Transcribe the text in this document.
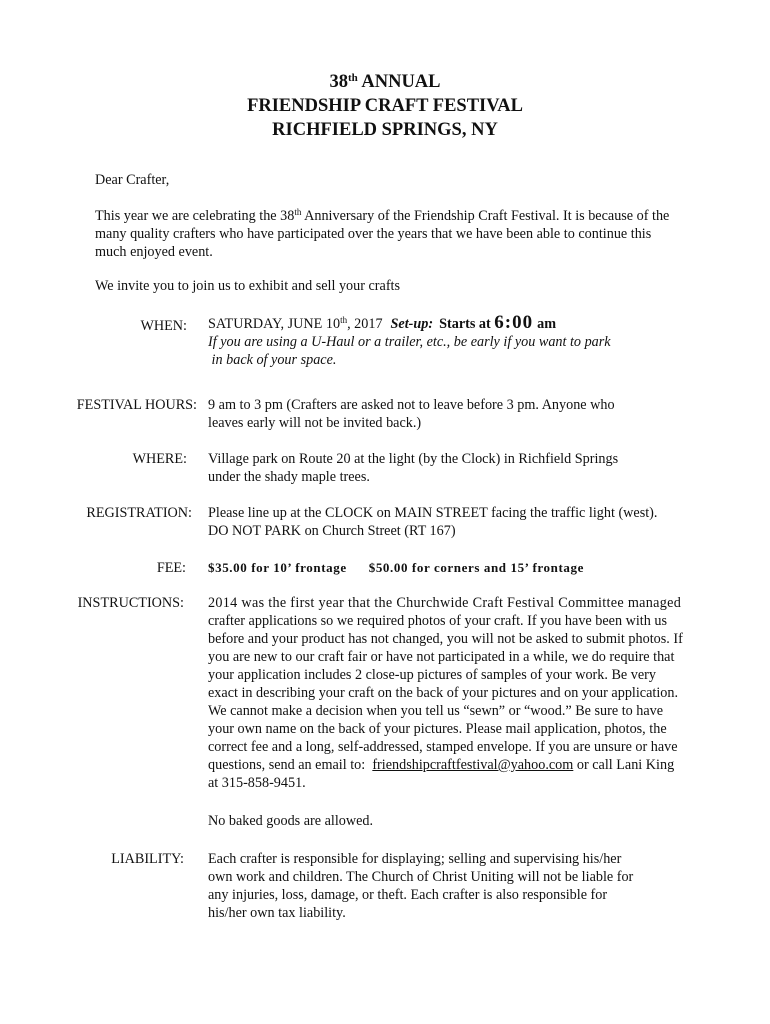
38th ANNUAL
FRIENDSHIP CRAFT FESTIVAL
RICHFIELD SPRINGS, NY
Dear Crafter,
This year we are celebrating the 38th Anniversary of the Friendship Craft Festival. It is because of the
many quality crafters who have participated over the years that we have been able to continue this
much enjoyed event.
We invite you to join us to exhibit and sell your crafts
WHEN: SATURDAY, JUNE 10th, 2017 Set-up: Starts at 6:00 am
If you are using a U-Haul or a trailer, etc., be early if you want to park
in back of your space.
FESTIVAL HOURS: 9 am to 3 pm (Crafters are asked not to leave before 3 pm. Anyone who
leaves early will not be invited back.)
WHERE: Village park on Route 20 at the light (by the Clock) in Richfield Springs
under the shady maple trees.
REGISTRATION: Please line up at the CLOCK on MAIN STREET facing the traffic light (west).
DO NOT PARK on Church Street (RT 167)
FEE: $35.00 for 10’ frontage $50.00 for corners and 15’ frontage
INSTRUCTIONS: 2014 was the first year that the Churchwide Craft Festival Committee managed
crafter applications so we required photos of your craft. If you have been with us
before and your product has not changed, you will not be asked to submit photos. If
you are new to our craft fair or have not participated in a while, we do require that
your application includes 2 close-up pictures of samples of your work. Be very
exact in describing your craft on the back of your pictures and on your application.
We cannot make a decision when you tell us “sewn” or “wood.” Be sure to have
your own name on the back of your pictures. Please mail application, photos, the
correct fee and a long, self-addressed, stamped envelope. If you are unsure or have
questions, send an email to:  friendshipcraftfestival@yahoo.com or call Lani King
at 315-858-9451.
No baked goods are allowed.
LIABILITY: Each crafter is responsible for displaying; selling and supervising his/her
own work and children. The Church of Christ Uniting will not be liable for
any injuries, loss, damage, or theft. Each crafter is also responsible for
his/her own tax liability.
